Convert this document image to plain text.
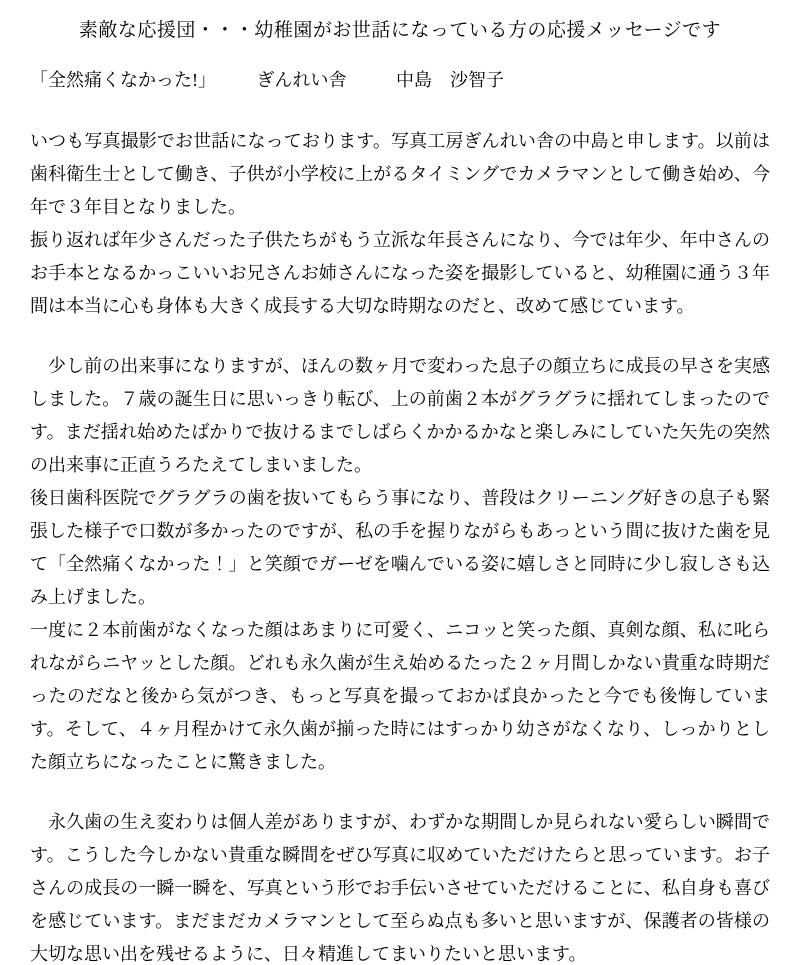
素敵な応援団・・・幼稚園がお世話になっている方の応援メッセージです

「全然痛くなかった!」 ぎんれい舎	中島　沙智子

いつも写真撮影でお世話になっております。写真工房ぎんれい舎の中島と申します。以前は歯科衛生士として働き、子供が小学校に上がるタイミングでカメラマンとして働き始め、今年で３年目となりました。

振り返れば年少さんだった子供たちがもう立派な年長さんになり、今では年少、年中さんのお手本となるかっこいいお兄さんお姉さんになった姿を撮影していると、幼稚園に通う３年間は本当に心も身体も大きく成長する大切な時期なのだと、改めて感じています。

　少し前の出来事になりますが、ほんの数ヶ月で変わった息子の顔立ちに成長の早さを実感しました。７歳の誕生日に思いっきり転び、上の前歯２本がグラグラに揺れてしまったのです。まだ揺れ始めたばかりで抜けるまでしばらくかかるかなと楽しみにしていた矢先の突然の出来事に正直うろたえてしまいました。

後日歯科医院でグラグラの歯を抜いてもらう事になり、普段はクリーニング好きの息子も緊張した様子で口数が多かったのですが、私の手を握りながらもあっという間に抜けた歯を見て「全然痛くなかった！」と笑顔でガーゼを噛んでいる姿に嬉しさと同時に少し寂しさも込み上げました。

一度に２本前歯がなくなった顔はあまりに可愛く、ニコッと笑った顔、真剣な顔、私に叱られながらニヤッとした顔。どれも永久歯が生え始めるたった２ヶ月間しかない貴重な時期だったのだなと後から気がつき、もっと写真を撮っておかば良かったと今でも後悔しています。そして、４ヶ月程かけて永久歯が揃った時にはすっかり幼さがなくなり、しっかりとした顔立ちになったことに驚きました。

　永久歯の生え変わりは個人差がありますが、わずかな期間しか見られない愛らしい瞬間です。こうした今しかない貴重な瞬間をぜひ写真に収めていただけたらと思っています。お子さんの成長の一瞬一瞬を、写真という形でお手伝いさせていただけることに、私自身も喜びを感じています。まだまだカメラマンとして至らぬ点も多いと思いますが、保護者の皆様の大切な思い出を残せるように、日々精進してまいりたいと思います。
